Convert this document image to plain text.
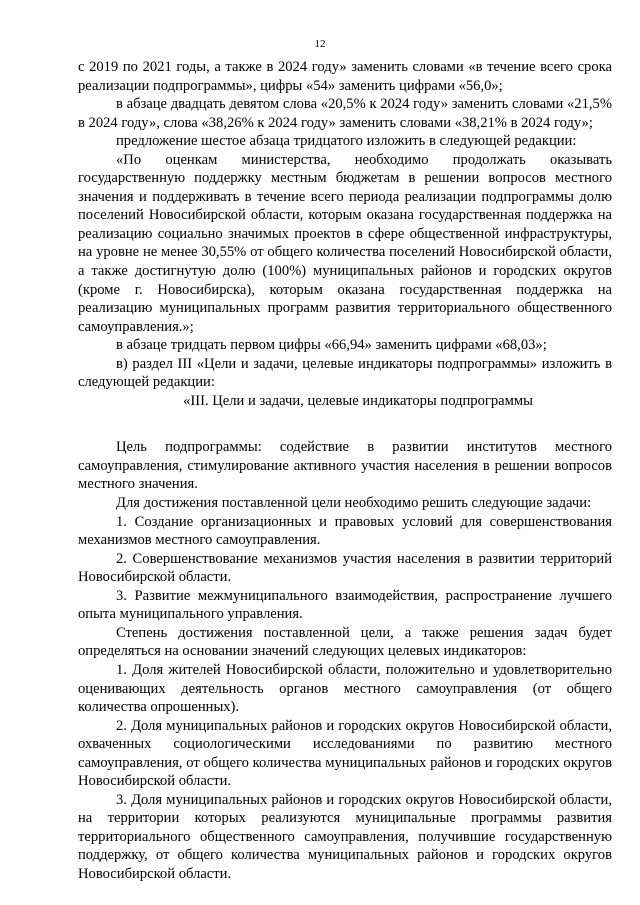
12

с 2019 по 2021 годы, а также в 2024 году» заменить словами «в течение всего срока реализации подпрограммы», цифры «54» заменить цифрами «56,0»;

в абзаце двадцать девятом слова «20,5% к 2024 году» заменить словами «21,5% в 2024 году», слова «38,26% к 2024 году» заменить словами «38,21% в 2024 году»;

предложение шестое абзаца тридцатого изложить в следующей редакции:

«По оценкам министерства, необходимо продолжать оказывать государственную поддержку местным бюджетам в решении вопросов местного значения и поддерживать в течение всего периода реализации подпрограммы долю поселений Новосибирской области, которым оказана государственная поддержка на реализацию социально значимых проектов в сфере общественной инфраструктуры, на уровне не менее 30,55% от общего количества поселений Новосибирской области, а также достигнутую долю (100%) муниципальных районов и городских округов (кроме г. Новосибирска), которым оказана государственная поддержка на реализацию муниципальных программ развития территориального общественного самоуправления.»;

в абзаце тридцать первом цифры «66,94» заменить цифрами «68,03»;

в) раздел III «Цели и задачи, целевые индикаторы подпрограммы» изложить в следующей редакции:

«III. Цели и задачи, целевые индикаторы подпрограммы

Цель подпрограммы: содействие в развитии институтов местного самоуправления, стимулирование активного участия населения в решении вопросов местного значения.

Для достижения поставленной цели необходимо решить следующие задачи:

1. Создание организационных и правовых условий для совершенствования механизмов местного самоуправления.

2. Совершенствование механизмов участия населения в развитии территорий Новосибирской области.

3. Развитие межмуниципального взаимодействия, распространение лучшего опыта муниципального управления.

Степень достижения поставленной цели, а также решения задач будет определяться на основании значений следующих целевых индикаторов:

1. Доля жителей Новосибирской области, положительно и удовлетворительно оценивающих деятельность органов местного самоуправления (от общего количества опрошенных).

2. Доля муниципальных районов и городских округов Новосибирской области, охваченных социологическими исследованиями по развитию местного самоуправления, от общего количества муниципальных районов и городских округов Новосибирской области.

3. Доля муниципальных районов и городских округов Новосибирской области, на территории которых реализуются муниципальные программы развития территориального общественного самоуправления, получившие государственную поддержку, от общего количества муниципальных районов и городских округов Новосибирской области.
